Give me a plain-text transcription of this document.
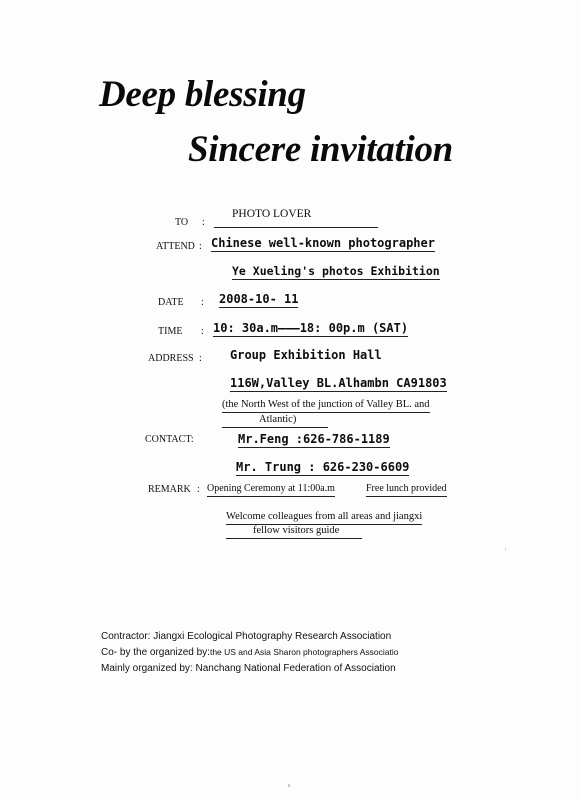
Deep blessing
Sincere invitation
TO :
PHOTO LOVER
ATTEND : Chinese well-known photographer
Ye Xueling's photos Exhibition
DATE : 2008-10- 11
TIME : 10: 30a.m———18: 00p.m (SAT)
ADDRESS : Group Exhibition Hall
116W,Valley BL.Alhambn CA91803
(the North West of the junction of Valley BL. and
Atlantic)
CONTACT:	Mr.Feng :626-786-1189
Mr. Trung : 626-230-6609
REMARK : Opening Ceremony at 11:00a.m	Free lunch provided
Welcome colleagues from all areas and jiangxi
fellow visitors guide
Contractor: Jiangxi Ecological Photography Research Association
Co- by the organized by:the US and Asia Sharon photographers Associatio
Mainly organized by: Nanchang National Federation of Association
